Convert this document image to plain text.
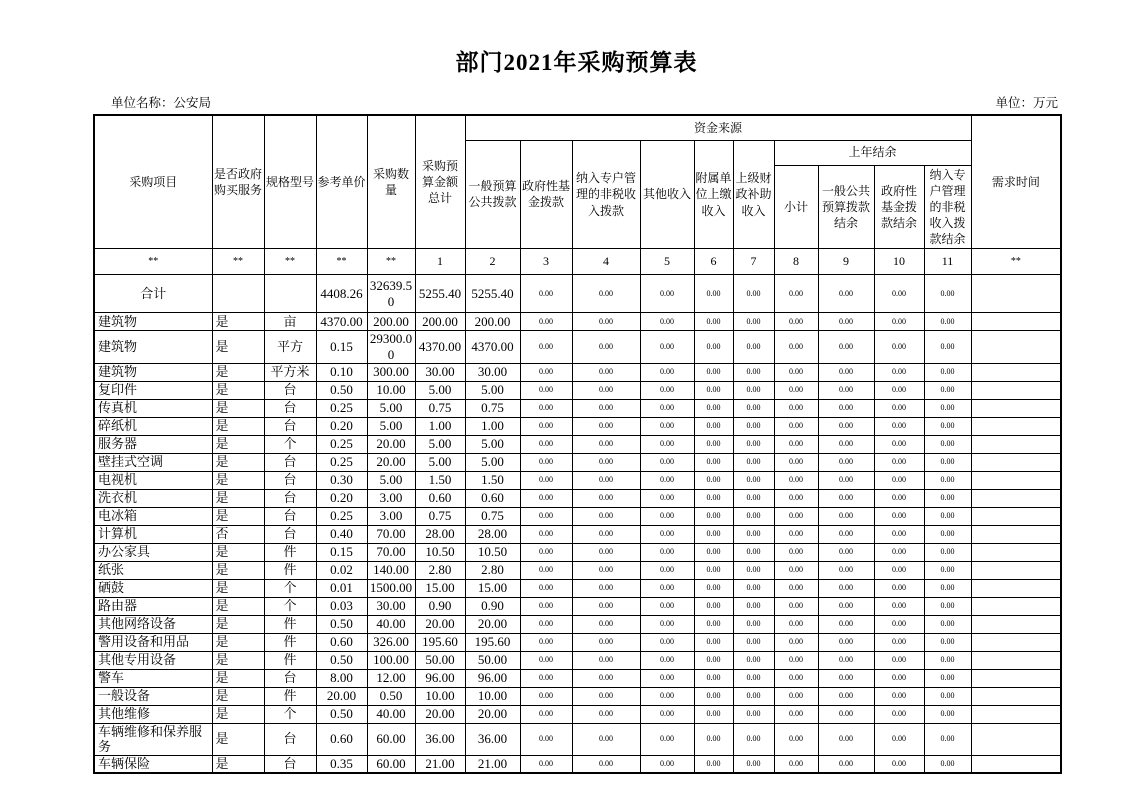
部门2021年采购预算表
单位名称：公安局	单位：万元
采购项目	是否政府购买服务	规格型号	参考单价	采购数量	采购预算金额总计	资金来源										需求时间
						一般预算公共拨款	政府性基金拨款	纳入专户管理的非税收入拨款	其他收入	附属单位上缴收入	上级财政补助收入	上年结余				
												小计	一般公共预算拨款结余	政府性基金拨款结余	纳入专户管理的非税收入拨款结余	
**	**	**	**	**	1	2	3	4	5	6	7	8	9	10	11	**
合计			4408.26	32639.50	5255.40	5255.40	0.00	0.00	0.00	0.00	0.00	0.00	0.00	0.00	0.00	
建筑物	是	亩	4370.00	200.00	200.00	200.00	0.00	0.00	0.00	0.00	0.00	0.00	0.00	0.00	0.00	
建筑物	是	平方	0.15	29300.00	4370.00	4370.00	0.00	0.00	0.00	0.00	0.00	0.00	0.00	0.00	0.00	
建筑物	是	平方米	0.10	300.00	30.00	30.00	0.00	0.00	0.00	0.00	0.00	0.00	0.00	0.00	0.00	
复印件	是	台	0.50	10.00	5.00	5.00	0.00	0.00	0.00	0.00	0.00	0.00	0.00	0.00	0.00	
传真机	是	台	0.25	5.00	0.75	0.75	0.00	0.00	0.00	0.00	0.00	0.00	0.00	0.00	0.00	
碎纸机	是	台	0.20	5.00	1.00	1.00	0.00	0.00	0.00	0.00	0.00	0.00	0.00	0.00	0.00	
服务器	是	个	0.25	20.00	5.00	5.00	0.00	0.00	0.00	0.00	0.00	0.00	0.00	0.00	0.00	
壁挂式空调	是	台	0.25	20.00	5.00	5.00	0.00	0.00	0.00	0.00	0.00	0.00	0.00	0.00	0.00	
电视机	是	台	0.30	5.00	1.50	1.50	0.00	0.00	0.00	0.00	0.00	0.00	0.00	0.00	0.00	
洗衣机	是	台	0.20	3.00	0.60	0.60	0.00	0.00	0.00	0.00	0.00	0.00	0.00	0.00	0.00	
电冰箱	是	台	0.25	3.00	0.75	0.75	0.00	0.00	0.00	0.00	0.00	0.00	0.00	0.00	0.00	
计算机	否	台	0.40	70.00	28.00	28.00	0.00	0.00	0.00	0.00	0.00	0.00	0.00	0.00	0.00	
办公家具	是	件	0.15	70.00	10.50	10.50	0.00	0.00	0.00	0.00	0.00	0.00	0.00	0.00	0.00	
纸张	是	件	0.02	140.00	2.80	2.80	0.00	0.00	0.00	0.00	0.00	0.00	0.00	0.00	0.00	
硒鼓	是	个	0.01	1500.00	15.00	15.00	0.00	0.00	0.00	0.00	0.00	0.00	0.00	0.00	0.00	
路由器	是	个	0.03	30.00	0.90	0.90	0.00	0.00	0.00	0.00	0.00	0.00	0.00	0.00	0.00	
其他网络设备	是	件	0.50	40.00	20.00	20.00	0.00	0.00	0.00	0.00	0.00	0.00	0.00	0.00	0.00	
警用设备和用品	是	件	0.60	326.00	195.60	195.60	0.00	0.00	0.00	0.00	0.00	0.00	0.00	0.00	0.00	
其他专用设备	是	件	0.50	100.00	50.00	50.00	0.00	0.00	0.00	0.00	0.00	0.00	0.00	0.00	0.00	
警车	是	台	8.00	12.00	96.00	96.00	0.00	0.00	0.00	0.00	0.00	0.00	0.00	0.00	0.00	
一般设备	是	件	20.00	0.50	10.00	10.00	0.00	0.00	0.00	0.00	0.00	0.00	0.00	0.00	0.00	
其他维修	是	个	0.50	40.00	20.00	20.00	0.00	0.00	0.00	0.00	0.00	0.00	0.00	0.00	0.00	
车辆维修和保养服务	是	台	0.60	60.00	36.00	36.00	0.00	0.00	0.00	0.00	0.00	0.00	0.00	0.00	0.00	
车辆保险	是	台	0.35	60.00	21.00	21.00	0.00	0.00	0.00	0.00	0.00	0.00	0.00	0.00	0.00	
